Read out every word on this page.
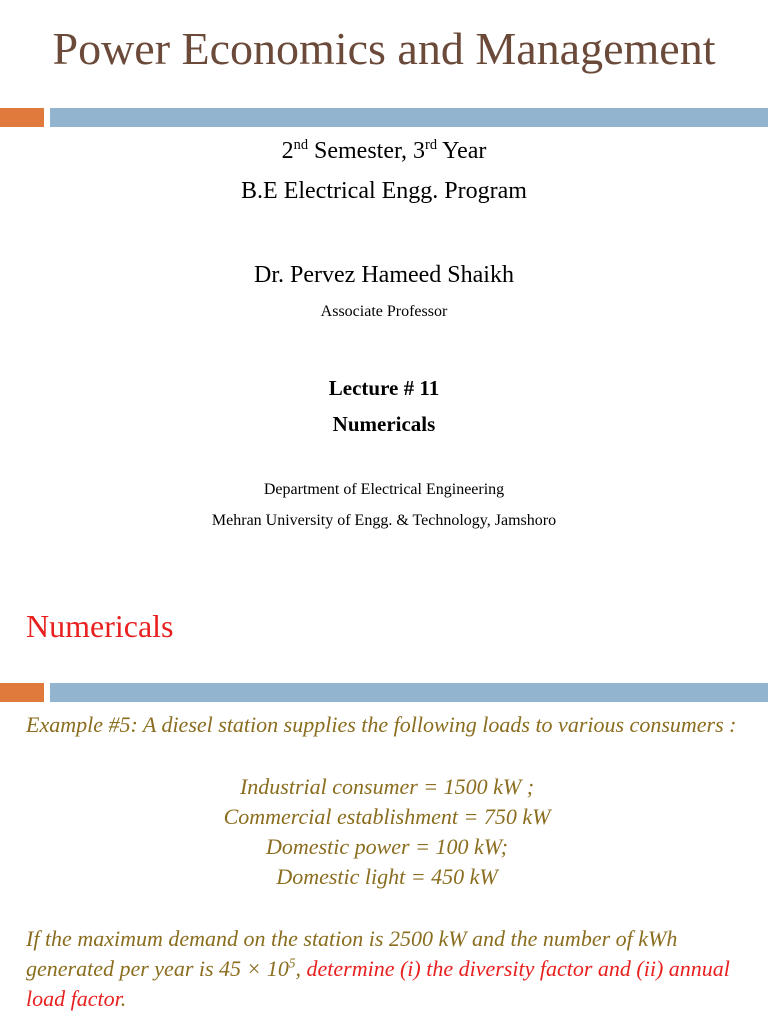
Power Economics and Management

2nd Semester, 3rd Year

B.E Electrical Engg. Program

Dr. Pervez Hameed Shaikh

Associate Professor

Lecture # 11

Numericals

Department of Electrical Engineering

Mehran University of Engg. & Technology, Jamshoro

Numericals

Example #5: A diesel station supplies the following loads to various consumers :

Industrial consumer = 1500 kW ;
Commercial establishment = 750 kW
Domestic power = 100 kW;
Domestic light = 450 kW

If the maximum demand on the station is 2500 kW and the number of kWh generated per year is $45 \times 10^5$, determine (i) the diversity factor and (ii) annual load factor.
